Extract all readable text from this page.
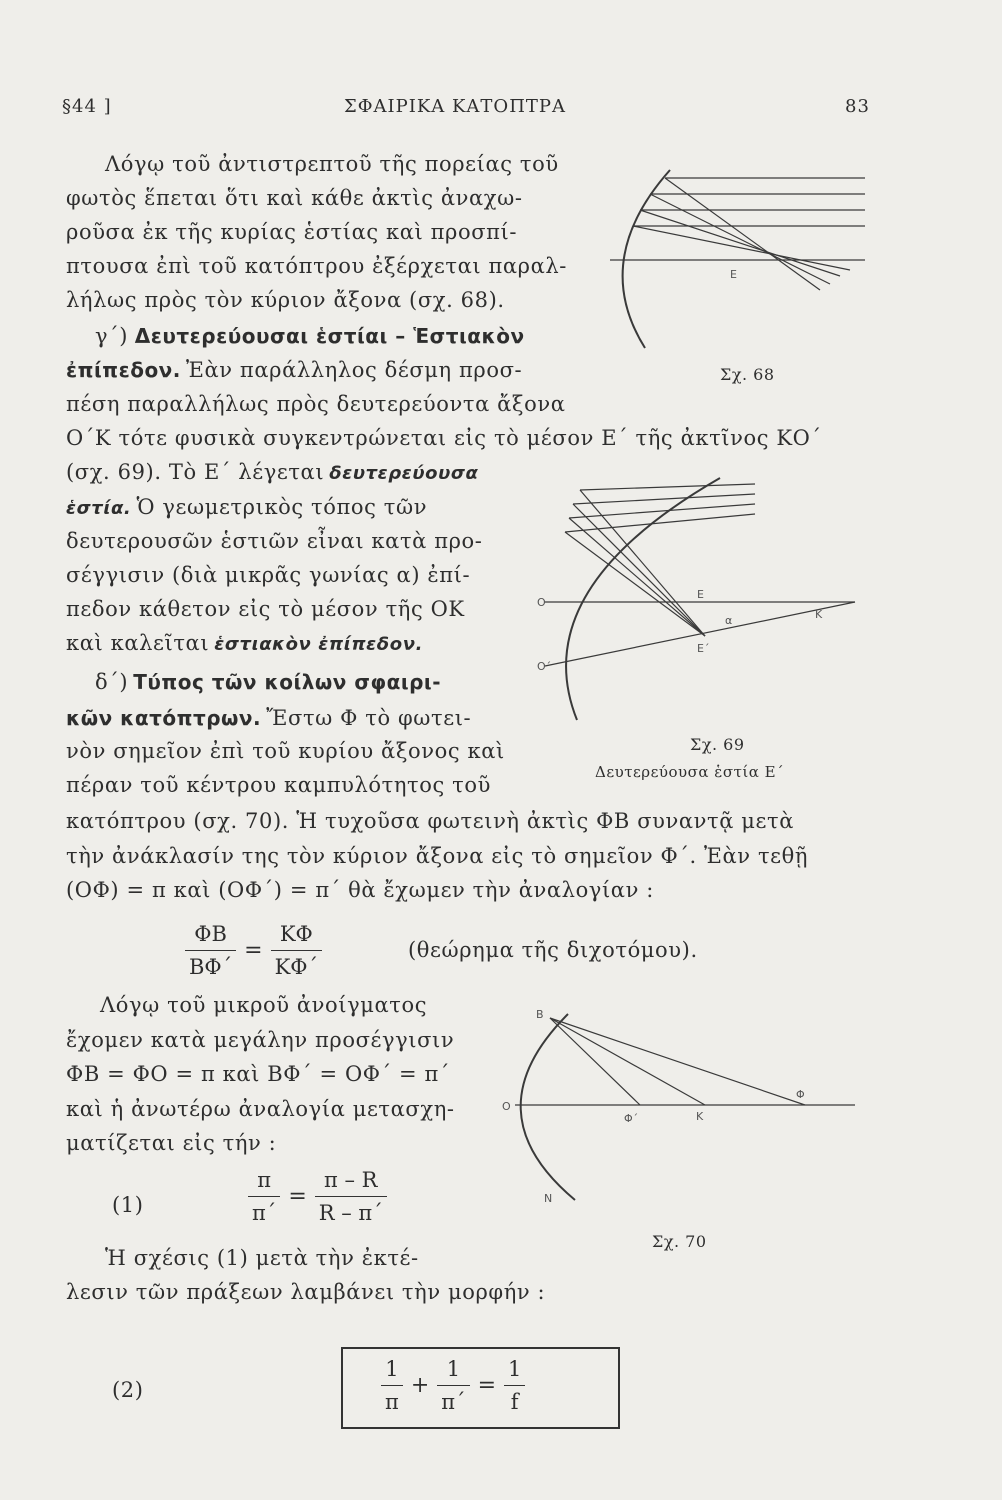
§44 ]	ΣΦΑΙΡΙΚΑ ΚΑΤΟΠΤΡΑ	83
Λόγῳ τοῦ ἀντιστρεπτοῦ τῆς πορείας τοῦ
φωτὸς ἕπεται ὅτι καὶ κάθε ἀκτὶς ἀναχω-
ροῦσα ἐκ τῆς κυρίας ἑστίας καὶ προσπί-
πτουσα ἐπὶ τοῦ κατόπτρου ἐξέρχεται παραλ-
λήλως πρὸς τὸν κύριον ἄξονα (σχ. 68).
γ΄) Δευτερεύουσαι ἑστίαι – Ἑστιακὸν
ἐπίπεδον. Ἐὰν παράλληλος δέσμη προσ-
πέση παραλλήλως πρὸς δευτερεύοντα ἄξονα
Ο΄Κ τότε φυσικὰ συγκεντρώνεται εἰς τὸ μέσον Ε΄ τῆς ἀκτῖνος ΚΟ΄
(σχ. 69). Τὸ Ε΄ λέγεται δευτερεύουσα
ἑστία. Ὁ γεωμετρικὸς τόπος τῶν
δευτερουσῶν ἑστιῶν εἶναι κατὰ προ-
σέγγισιν (διὰ μικρᾶς γωνίας α) ἐπί-
πεδον κάθετον εἰς τὸ μέσον τῆς ΟΚ
καὶ καλεῖται ἑστιακὸν ἐπίπεδον.
δ΄) Τύπος τῶν κοίλων σφαιρι-
κῶν κατόπτρων. Ἔστω Φ τὸ φωτει-
νὸν σημεῖον ἐπὶ τοῦ κυρίου ἄξονος καὶ
πέραν τοῦ κέντρου καμπυλότητος τοῦ
κατόπτρου (σχ. 70). Ἡ τυχοῦσα φωτεινὴ ἀκτὶς ΦΒ συναντᾷ μετὰ
τὴν ἀνάκλασίν της τὸν κύριον ἄξονα εἰς τὸ σημεῖον Φ΄. Ἐὰν τεθῇ
(ΟΦ) = π καὶ (ΟΦ΄) = π΄ θὰ ἔχωμεν τὴν ἀναλογίαν :
$\frac{\Phi B}{B\Phi΄} = \frac{K\Phi}{K\Phi΄}$	(θεώρημα τῆς διχοτόμου).
Λόγῳ τοῦ μικροῦ ἀνοίγματος
ἔχομεν κατὰ μεγάλην προσέγγισιν
ΦΒ = ΦΟ = π καὶ ΒΦ΄ = ΟΦ΄ = π΄
καὶ ἡ ἀνωτέρω ἀναλογία μετασχη-
ματίζεται εἰς τήν :
(1)	$\frac{\pi}{\pi΄} = \frac{\pi - R}{R - \pi΄}$
Ἡ σχέσις (1) μετὰ τὴν ἐκτέ-
λεσιν τῶν πράξεων λαμβάνει τὴν μορφήν :
(2)	$\frac{1}{\pi} + \frac{1}{\pi΄} = \frac{1}{f}$
Ε
Σχ. 68
Ο
Ο΄
Ε
Ε΄
Κ
α
Σχ. 69
Δευτερεύουσα ἑστία Ε΄
Β
Ο
Φ΄	Κ
Φ
Ν
Σχ. 70
